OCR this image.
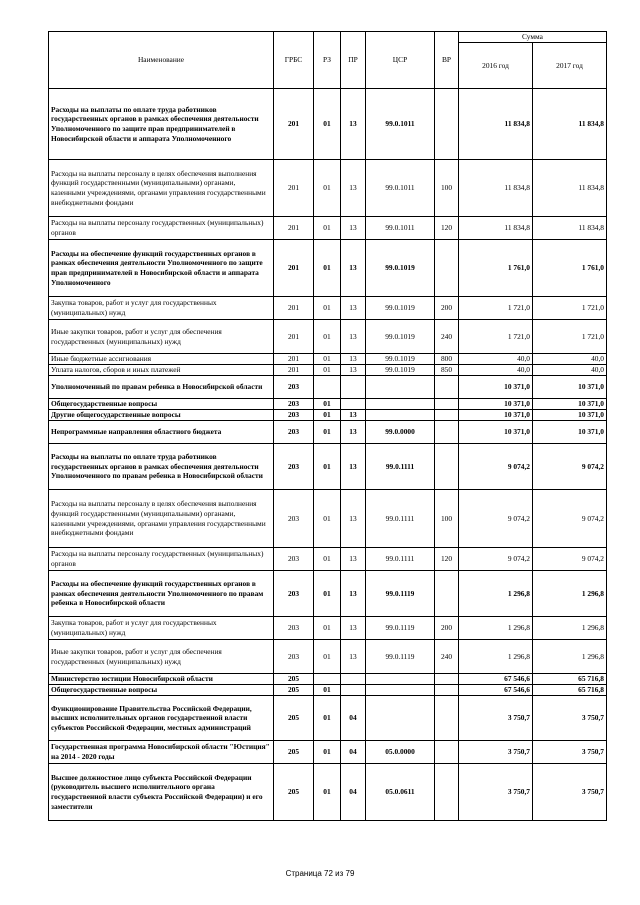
Наименование	ГРБС	РЗ	ПР	ЦСР	ВР	Сумма	
						2016 год	2017 год
Расходы на выплаты по оплате труда работников государственных органов в рамках обеспечения деятельности Уполномоченного по защите прав предпринимателей в Новосибирской области и аппарата Уполномоченного	201	01	13	99.0.1011		11 834,8	11 834,8
Расходы на выплаты персоналу в целях обеспечения выполнения функций государственными (муниципальными) органами, казенными учреждениями, органами управления государственными внебюджетными фондами	201	01	13	99.0.1011	100	11 834,8	11 834,8
Расходы на выплаты персоналу государственных (муниципальных) органов	201	01	13	99.0.1011	120	11 834,8	11 834,8
Расходы на обеспечение функций государственных органов в рамках обеспечения деятельности Уполномоченного по защите прав предпринимателей в Новосибирской области и аппарата Уполномоченного	201	01	13	99.0.1019		1 761,0	1 761,0
Закупка товаров, работ и услуг для государственных (муниципальных) нужд	201	01	13	99.0.1019	200	1 721,0	1 721,0
Иные закупки товаров, работ и услуг для обеспечения государственных (муниципальных) нужд	201	01	13	99.0.1019	240	1 721,0	1 721,0
Иные бюджетные ассигнования	201	01	13	99.0.1019	800	40,0	40,0
Уплата налогов, сборов и иных платежей	201	01	13	99.0.1019	850	40,0	40,0
Уполномоченный по правам ребенка в Новосибирской области	203					10 371,0	10 371,0
Общегосударственные вопросы	203	01				10 371,0	10 371,0
Другие общегосударственные вопросы	203	01	13			10 371,0	10 371,0
Непрограммные направления областного бюджета	203	01	13	99.0.0000		10 371,0	10 371,0
Расходы на выплаты по оплате труда работников государственных органов в рамках обеспечения деятельности Уполномоченного по правам ребенка в Новосибирской области	203	01	13	99.0.1111		9 074,2	9 074,2
Расходы на выплаты персоналу в целях обеспечения выполнения функций государственными (муниципальными) органами, казенными учреждениями, органами управления государственными внебюджетными фондами	203	01	13	99.0.1111	100	9 074,2	9 074,2
Расходы на выплаты персоналу государственных (муниципальных) органов	203	01	13	99.0.1111	120	9 074,2	9 074,2
Расходы на обеспечение функций государственных органов в рамках обеспечения деятельности Уполномоченного по правам ребенка в Новосибирской области	203	01	13	99.0.1119		1 296,8	1 296,8
Закупка товаров, работ и услуг для государственных (муниципальных) нужд	203	01	13	99.0.1119	200	1 296,8	1 296,8
Иные закупки товаров, работ и услуг для обеспечения государственных (муниципальных) нужд	203	01	13	99.0.1119	240	1 296,8	1 296,8
Министерство юстиции Новосибирской области	205					67 546,6	65 716,8
Общегосударственные вопросы	205	01				67 546,6	65 716,8
Функционирование Правительства Российской Федерации, высших исполнительных органов государственной власти субъектов Российской Федерации, местных администраций	205	01	04			3 750,7	3 750,7
Государственная программа Новосибирской области "Юстиция" на 2014 - 2020 годы	205	01	04	05.0.0000		3 750,7	3 750,7
Высшее должностное лицо субъекта Российской Федерации (руководитель высшего исполнительного органа государственной власти субъекта Российской Федерации) и его заместители	205	01	04	05.0.0611		3 750,7	3 750,7
Страница 72 из 79
